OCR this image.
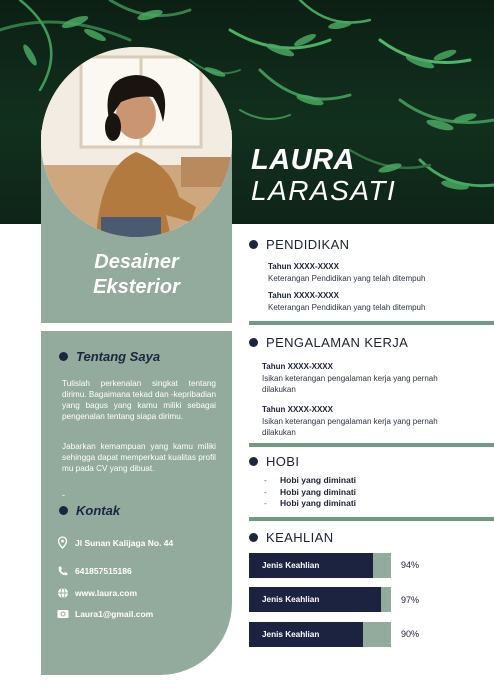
LAURA
LARASATI
Desainer
Eksterior
Tentang Saya

Tulislah perkenalan singkat tentang dirimu. Bagaimana tekad dan -kepribadian yang bagus yang kamu miliki sebagai pengenalan tentang siapa dirimu.

Jabarkan kemampuan yang kamu miliki sehingga dapat memperkuat kualitas profil mu pada CV yang dibuat.

-
Kontak
Jl Sunan Kalijaga No. 44
641857515186
www.laura.com
Laura1@gmail.com
PENDIDIKAN
Tahun XXXX-XXXX
Keterangan Pendidikan yang telah ditempuh
Tahun XXXX-XXXX
Keterangan Pendidikan yang telah ditempuh
PENGALAMAN KERJA
Tahun XXXX-XXXX
Isikan keterangan pengalaman kerja yang pernah dilakukan
Tahun XXXX-XXXX
Isikan keterangan pengalaman kerja yang pernah dilakukan
HOBI
- Hobi yang diminati
- Hobi yang diminati
- Hobi yang diminati
KEAHLIAN
Jenis Keahlian	94%
Jenis Keahlian	97%
Jenis Keahlian	90%
